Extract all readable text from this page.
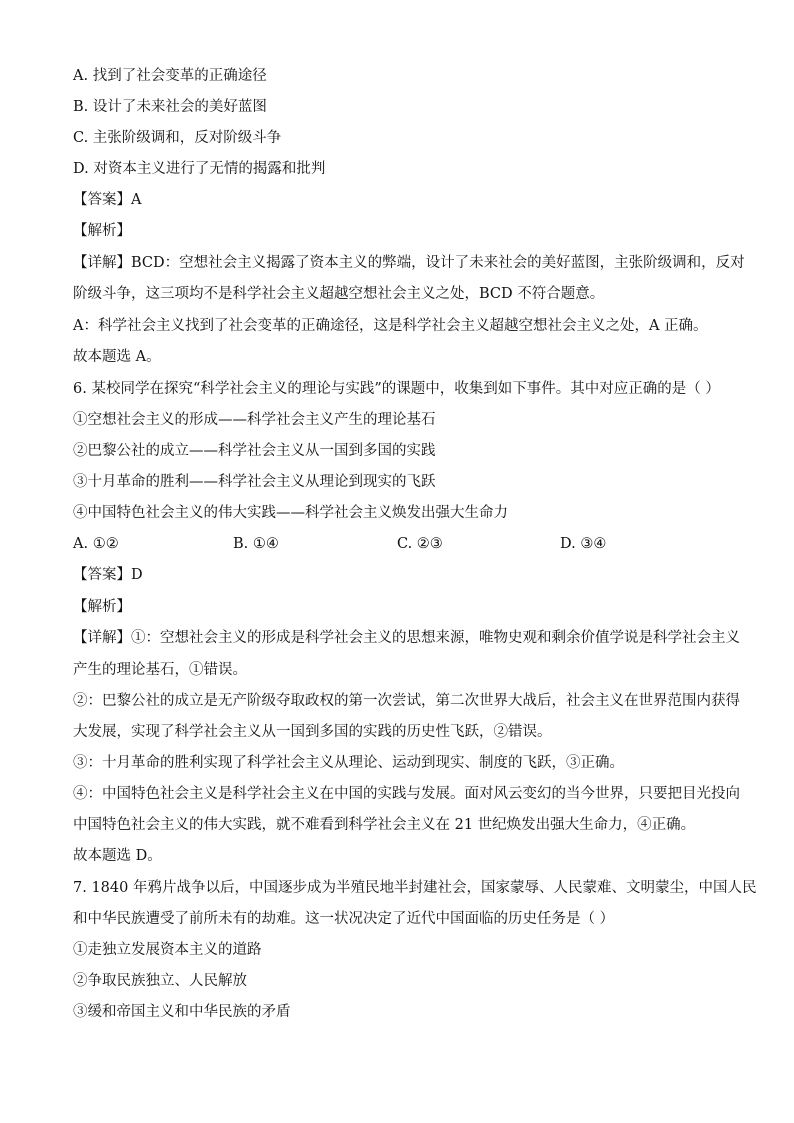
A. 找到了社会变革的正确途径
B. 设计了未来社会的美好蓝图
C. 主张阶级调和，反对阶级斗争
D. 对资本主义进行了无情的揭露和批判
【答案】A
【解析】
【详解】BCD：空想社会主义揭露了资本主义的弊端，设计了未来社会的美好蓝图，主张阶级调和，反对
阶级斗争，这三项均不是科学社会主义超越空想社会主义之处，BCD 不符合题意。
A：科学社会主义找到了社会变革的正确途径，这是科学社会主义超越空想社会主义之处，A 正确。
故本题选 A。
6. 某校同学在探究“科学社会主义的理论与实践”的课题中，收集到如下事件。其中对应正确的是（ ）
①空想社会主义的形成——科学社会主义产生的理论基石
②巴黎公社的成立——科学社会主义从一国到多国的实践
③十月革命的胜利——科学社会主义从理论到现实的飞跃
④中国特色社会主义的伟大实践——科学社会主义焕发出强大生命力
A. ①②	B. ①④	C. ②③	D. ③④
【答案】D
【解析】
【详解】①：空想社会主义的形成是科学社会主义的思想来源，唯物史观和剩余价值学说是科学社会主义
产生的理论基石，①错误。
②：巴黎公社的成立是无产阶级夺取政权的第一次尝试，第二次世界大战后，社会主义在世界范围内获得
大发展，实现了科学社会主义从一国到多国的实践的历史性飞跃，②错误。
③：十月革命的胜利实现了科学社会主义从理论、运动到现实、制度的飞跃，③正确。
④：中国特色社会主义是科学社会主义在中国的实践与发展。面对风云变幻的当今世界，只要把目光投向
中国特色社会主义的伟大实践，就不难看到科学社会主义在 21 世纪焕发出强大生命力，④正确。
故本题选 D。
7. 1840 年鸦片战争以后，中国逐步成为半殖民地半封建社会，国家蒙辱、人民蒙难、文明蒙尘，中国人民
和中华民族遭受了前所未有的劫难。这一状况决定了近代中国面临的历史任务是（ ）
①走独立发展资本主义的道路
②争取民族独立、人民解放
③缓和帝国主义和中华民族的矛盾
